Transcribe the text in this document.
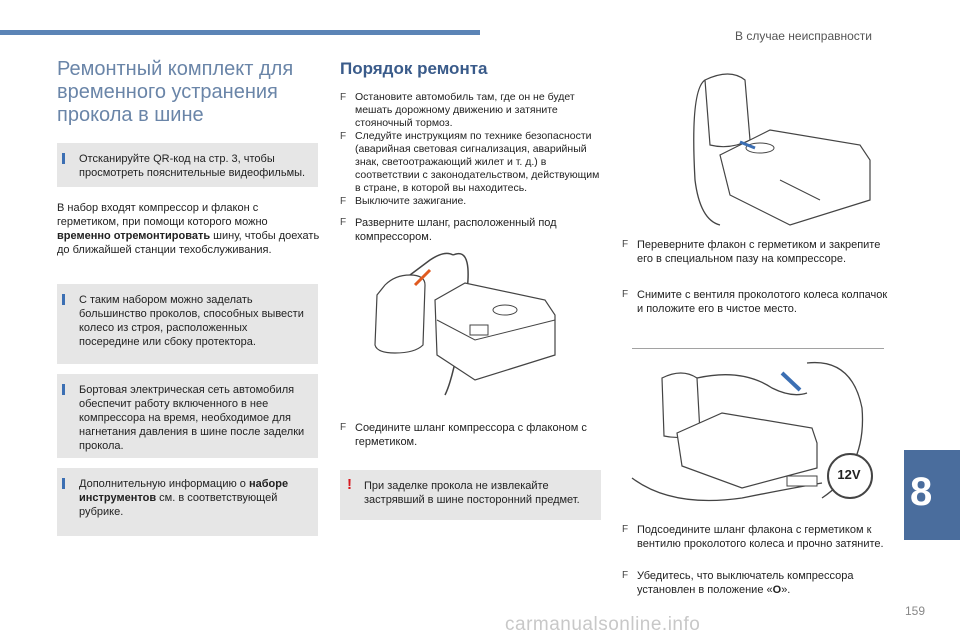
В случае неисправности
Ремонтный комплект для временного устранения прокола в шине
Отсканируйте QR-код на стр. 3, чтобы просмотреть пояснительные видеофильмы.
В набор входят компрессор и флакон с герметиком, при помощи которого можно временно отремонтировать шину, чтобы доехать до ближайшей станции техобслуживания.
С таким набором можно заделать большинство проколов, способных вывести колесо из строя, расположенных посередине или сбоку протектора.
Бортовая электрическая сеть автомобиля обеспечит работу включенного в нее компрессора на время, необходимое для нагнетания давления в шине после заделки прокола.
Дополнительную информацию о наборе инструментов см. в соответствующей рубрике.
Порядок ремонта
F Остановите автомобиль там, где он не будет мешать дорожному движению и затяните стояночный тормоз.
F Следуйте инструкциям по технике безопасности (аварийная световая сигнализация, аварийный знак, светоотражающий жилет и т. д.) в соответствии с законодательством, действующим в стране, в которой вы находитесь.
F Выключите зажигание.
F Разверните шланг, расположенный под компрессором.
F Соедините шланг компрессора с флаконом с герметиком.
! При заделке прокола не извлекайте застрявший в шине посторонний предмет.
F Переверните флакон с герметиком и закрепите его в специальном пазу на компрессоре.
F Снимите с вентиля проколотого колеса колпачок и положите его в чистое место.
12V
F Подсоедините шланг флакона с герметиком к вентилю проколотого колеса и прочно затяните.
F Убедитесь, что выключатель компрессора установлен в положение «O».
8
159
carmanualsonline.info
